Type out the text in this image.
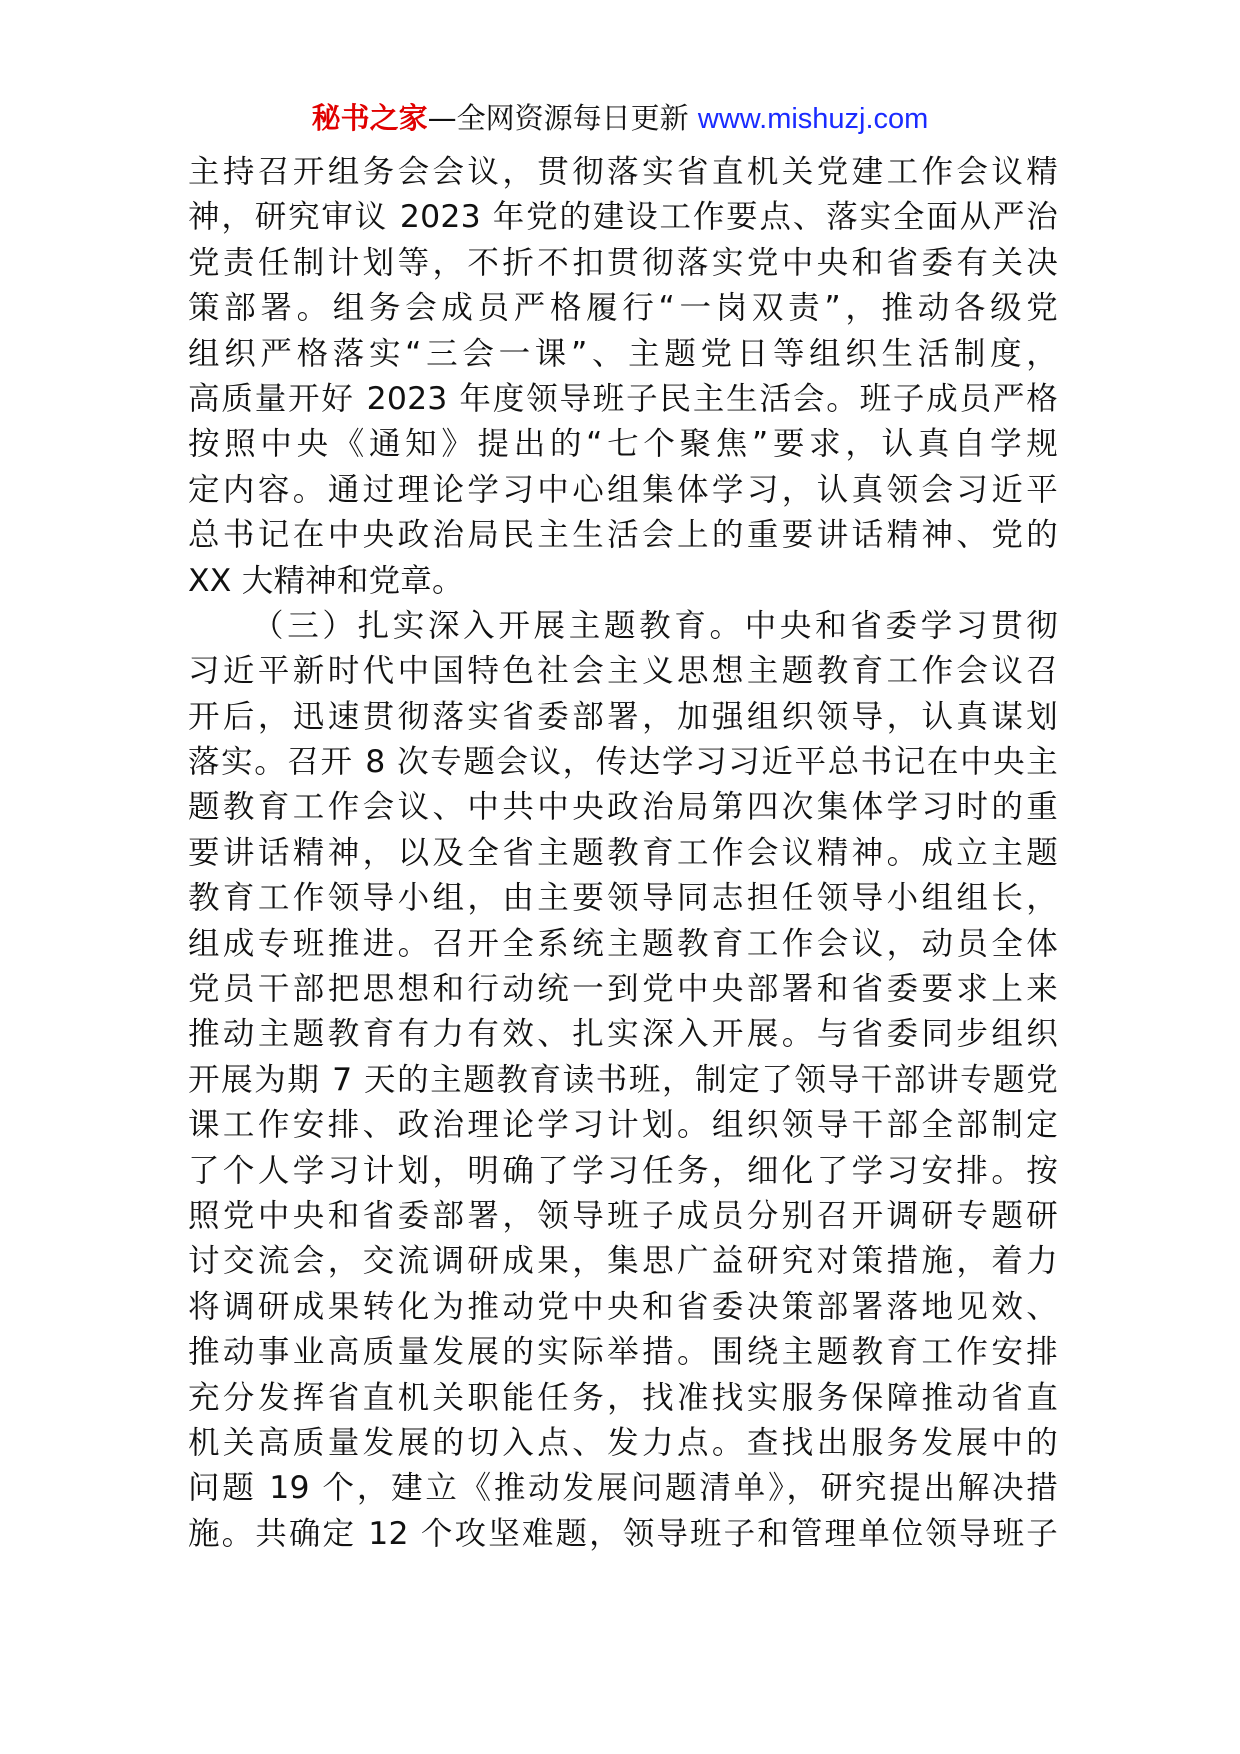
秘书之家—全网资源每日更新 www.mishuzj.com
主持召开组务会会议，贯彻落实省直机关党建工作会议精
神，研究审议 2023 年党的建设工作要点、落实全面从严治
党责任制计划等，不折不扣贯彻落实党中央和省委有关决
策部署。组务会成员严格履行“一岗双责”，推动各级党
组织严格落实“三会一课”、主题党日等组织生活制度，
高质量开好 2023 年度领导班子民主生活会。班子成员严格
按照中央《通知》提出的“七个聚焦”要求，认真自学规
定内容。通过理论学习中心组集体学习，认真领会习近平
总书记在中央政治局民主生活会上的重要讲话精神、党的
XX 大精神和党章。
（三）扎实深入开展主题教育。中央和省委学习贯彻
习近平新时代中国特色社会主义思想主题教育工作会议召
开后，迅速贯彻落实省委部署，加强组织领导，认真谋划
落实。召开 8 次专题会议，传达学习习近平总书记在中央主
题教育工作会议、中共中央政治局第四次集体学习时的重
要讲话精神，以及全省主题教育工作会议精神。成立主题
教育工作领导小组，由主要领导同志担任领导小组组长，
组成专班推进。召开全系统主题教育工作会议，动员全体
党员干部把思想和行动统一到党中央部署和省委要求上来
推动主题教育有力有效、扎实深入开展。与省委同步组织
开展为期 7 天的主题教育读书班，制定了领导干部讲专题党
课工作安排、政治理论学习计划。组织领导干部全部制定
了个人学习计划，明确了学习任务，细化了学习安排。按
照党中央和省委部署，领导班子成员分别召开调研专题研
讨交流会，交流调研成果，集思广益研究对策措施，着力
将调研成果转化为推动党中央和省委决策部署落地见效、
推动事业高质量发展的实际举措。围绕主题教育工作安排
充分发挥省直机关职能任务，找准找实服务保障推动省直
机关高质量发展的切入点、发力点。查找出服务发展中的
问题 19 个，建立《推动发展问题清单》，研究提出解决措
施。共确定 12 个攻坚难题，领导班子和管理单位领导班子
